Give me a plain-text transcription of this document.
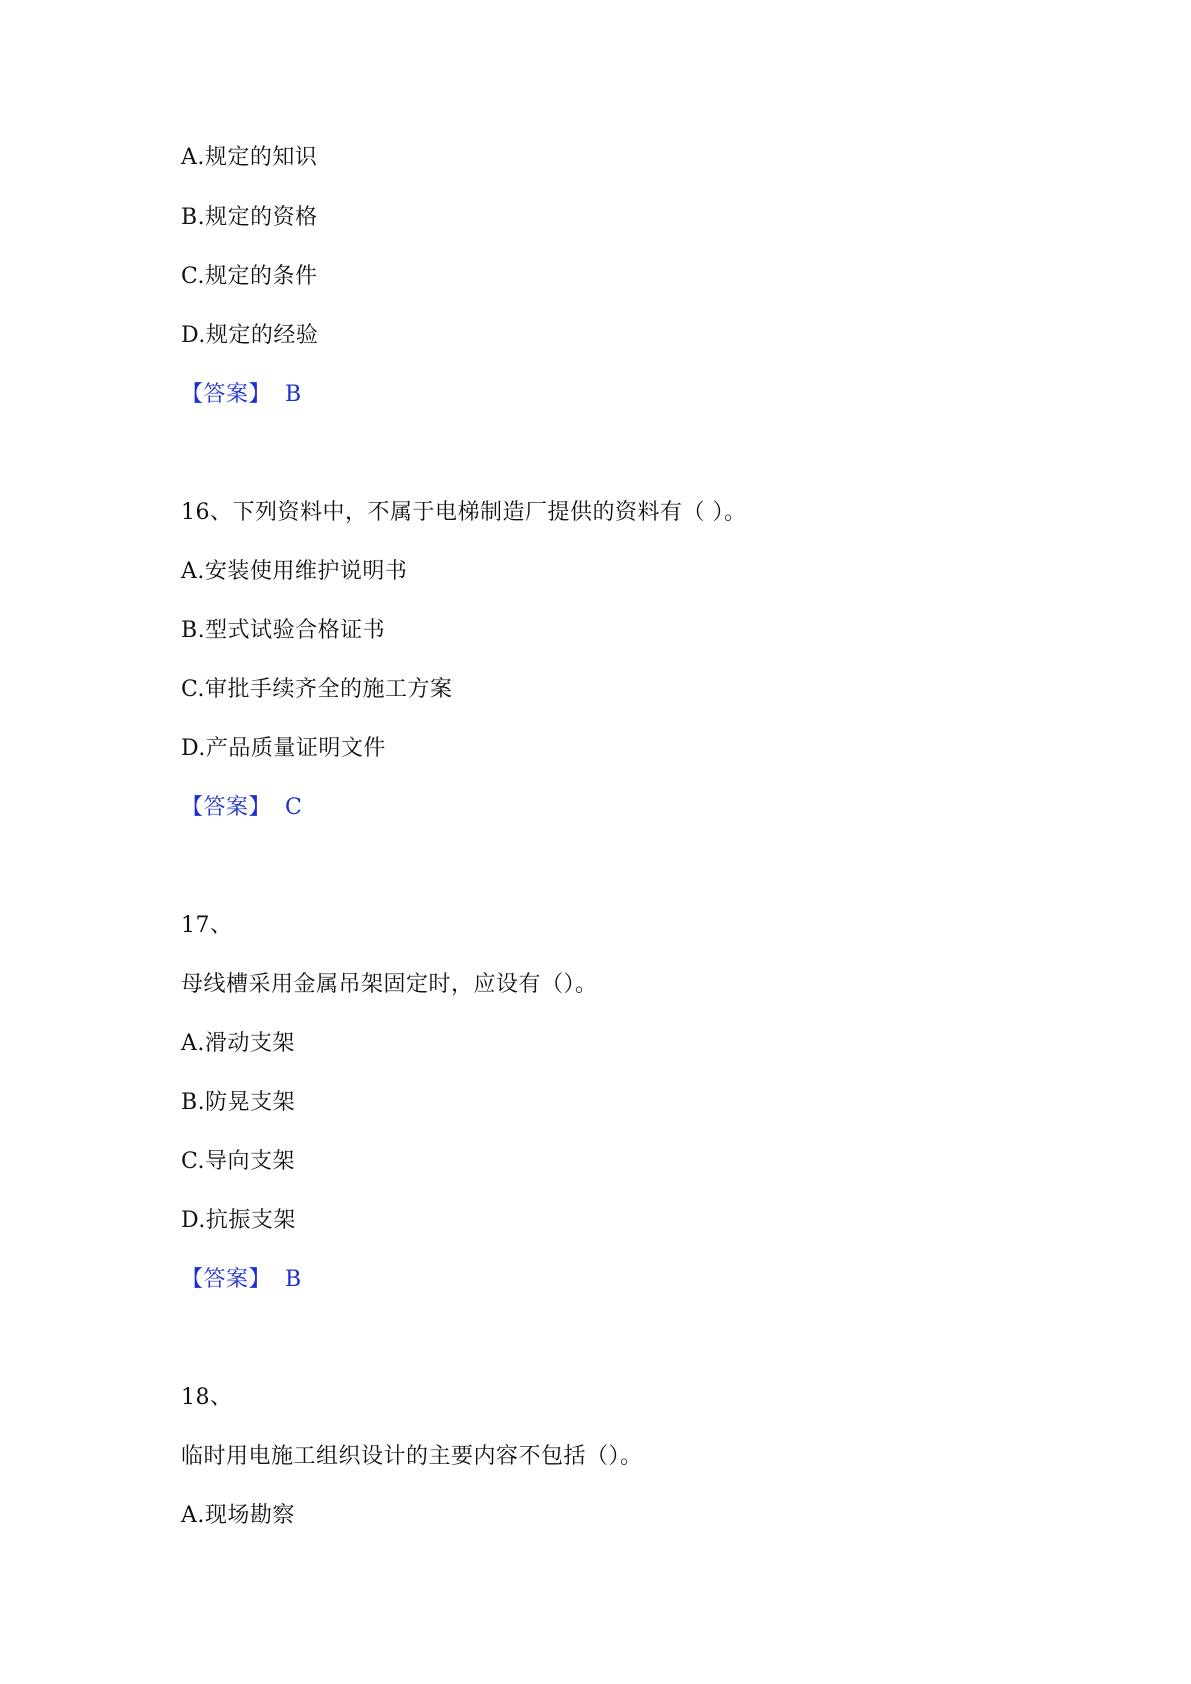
A.规定的知识
B.规定的资格
C.规定的条件
D.规定的经验
【答案】 B
16、下列资料中，不属于电梯制造厂提供的资料有（ ）。
A.安装使用维护说明书
B.型式试验合格证书
C.审批手续齐全的施工方案
D.产品质量证明文件
【答案】 C
17、
母线槽采用金属吊架固定时，应设有（）。
A.滑动支架
B.防晃支架
C.导向支架
D.抗振支架
【答案】 B
18、
临时用电施工组织设计的主要内容不包括（）。
A.现场勘察
